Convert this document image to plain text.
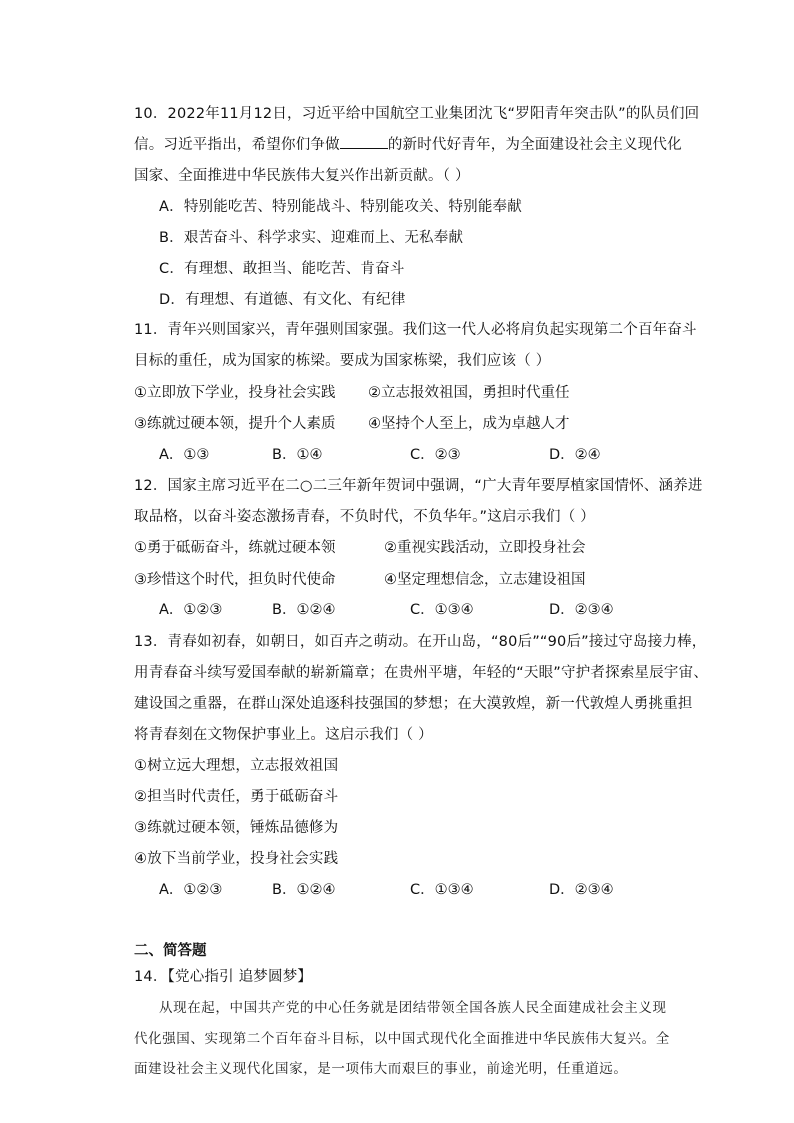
10．2022年11月12日，习近平给中国航空工业集团沈飞“罗阳青年突击队”的队员们回
信。习近平指出，希望你们争做	的新时代好青年，为全面建设社会主义现代化
国家、全面推进中华民族伟大复兴作出新贡献。（ ）
A．特别能吃苦、特别能战斗、特别能攻关、特别能奉献
B．艰苦奋斗、科学求实、迎难而上、无私奉献
C．有理想、敢担当、能吃苦、肯奋斗
D．有理想、有道德、有文化、有纪律
11．青年兴则国家兴，青年强则国家强。我们这一代人必将肩负起实现第二个百年奋斗
目标的重任，成为国家的栋梁。要成为国家栋梁，我们应该（ ）
①立即放下学业，投身社会实践 ②立志报效祖国，勇担时代重任
③练就过硬本领，提升个人素质 ④坚持个人至上，成为卓越人才
A．①③	B．①④	C．②③	D．②④
12．国家主席习近平在二○二三年新年贺词中强调，“广大青年要厚植家国情怀、涵养进
取品格，以奋斗姿态激扬青春，不负时代，不负华年。”这启示我们（ ）
①勇于砥砺奋斗，练就过硬本领	②重视实践活动，立即投身社会
③珍惜这个时代，担负时代使命	④坚定理想信念，立志建设祖国
A．①②③	B．①②④	C．①③④	D．②③④
13．青春如初春，如朝日，如百卉之萌动。在开山岛，“80后”“90后”接过守岛接力棒，
用青春奋斗续写爱国奉献的崭新篇章；在贵州平塘，年轻的“天眼”守护者探索星辰宇宙、
建设国之重器，在群山深处追逐科技强国的梦想；在大漠敦煌，新一代敦煌人勇挑重担
将青春刻在文物保护事业上。这启示我们（ ）
①树立远大理想，立志报效祖国
②担当时代责任，勇于砥砺奋斗
③练就过硬本领，锤炼品德修为
④放下当前学业，投身社会实践
A．①②③	B．①②④	C．①③④	D．②③④
二、简答题
14．【党心指引 追梦圆梦】
从现在起，中国共产党的中心任务就是团结带领全国各族人民全面建成社会主义现
代化强国、实现第二个百年奋斗目标，以中国式现代化全面推进中华民族伟大复兴。全
面建设社会主义现代化国家，是一项伟大而艰巨的事业，前途光明，任重道远。
